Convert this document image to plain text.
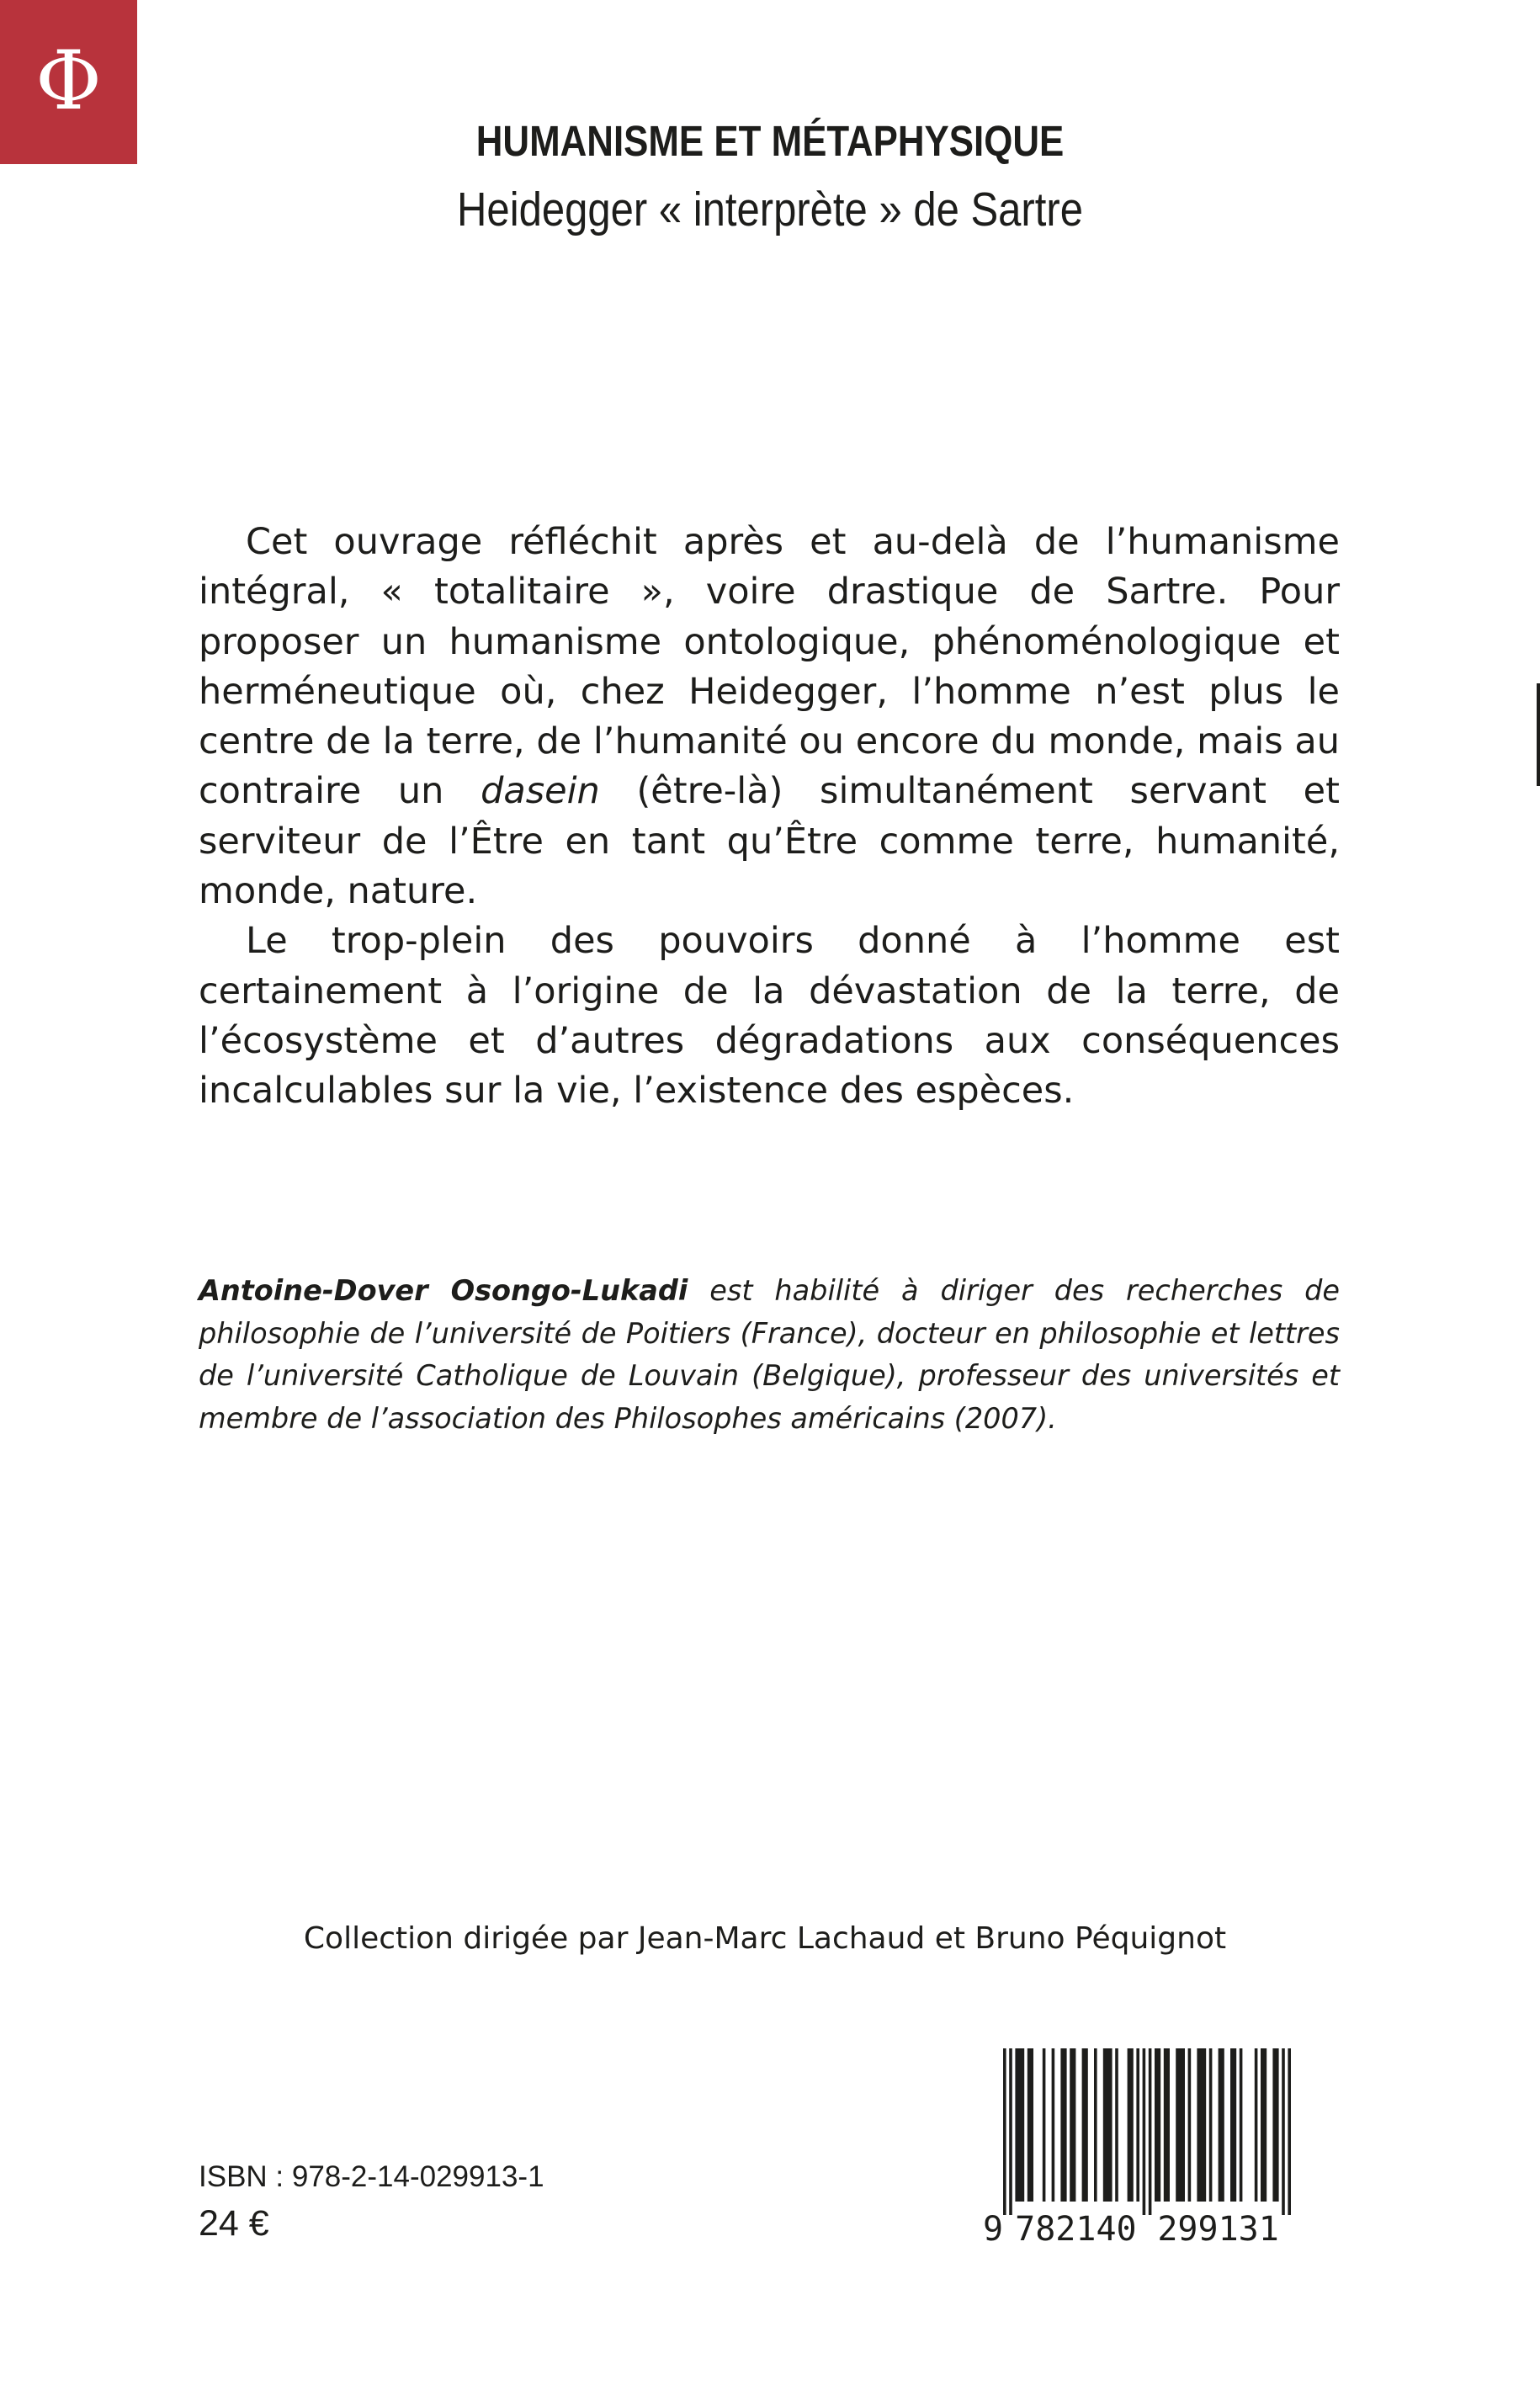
Φ
HUMANISME ET MÉTAPHYSIQUE
Heidegger « interprète » de Sartre

Cet ouvrage réfléchit après et au-delà de l’humanisme intégral, « totalitaire », voire drastique de Sartre. Pour proposer un humanisme ontologique, phénoménologique et herméneutique où, chez Heidegger, l’homme n’est plus le centre de la terre, de l’humanité ou encore du monde, mais au contraire un dasein (être-là) simultanément servant et serviteur de l’Être en tant qu’Être comme terre, humanité, monde, nature.

Le trop-plein des pouvoirs donné à l’homme est certainement à l’origine de la dévastation de la terre, de l’écosystème et d’autres dégradations aux conséquences incalculables sur la vie, l’existence des espèces.

Antoine-Dover Osongo-Lukadi est habilité à diriger des recherches de philosophie de l’université de Poitiers (France), docteur en philosophie et lettres de l’université Catholique de Louvain (Belgique), professeur des universités et membre de l’association des Philosophes américains (2007).
Collection dirigée par Jean-Marc Lachaud et Bruno Péquignot
ISBN : 978-2-14-029913-1
24 €	9 782140 299131
